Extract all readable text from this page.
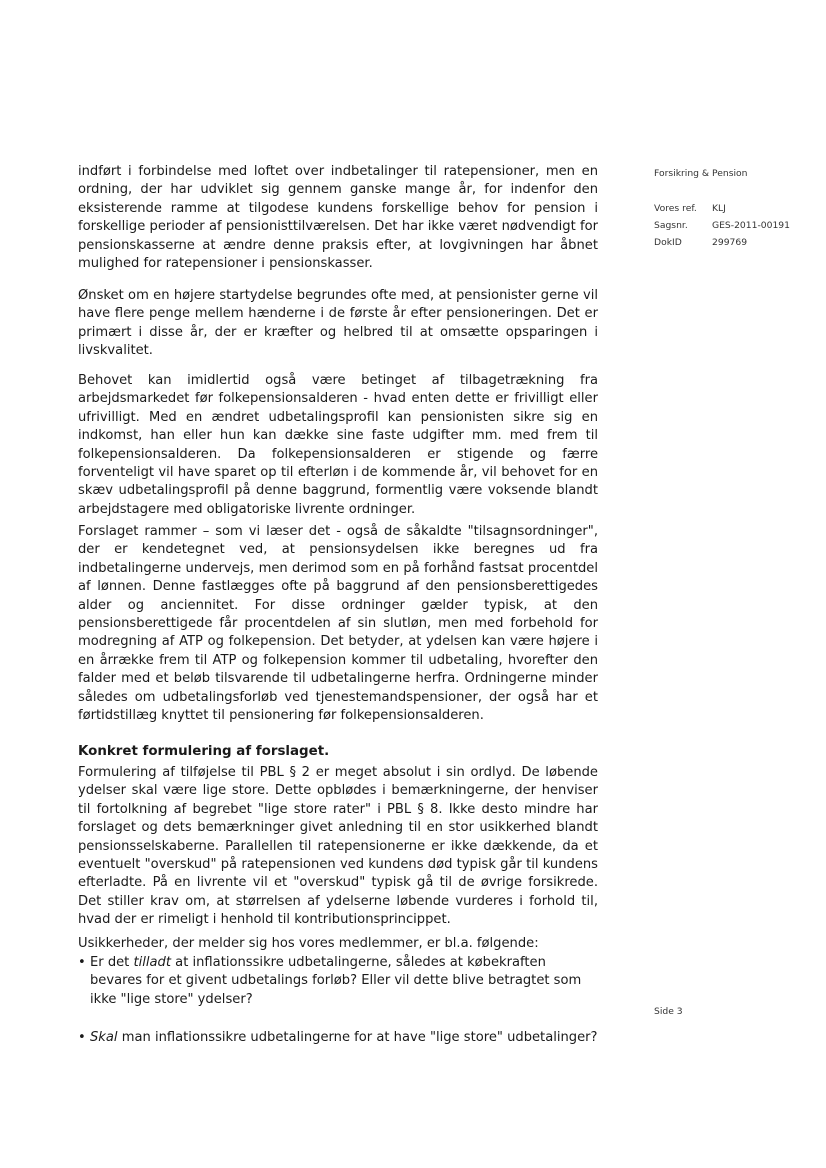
Forsikring & Pension
Vores ref. KLJ
Sagsnr.	GES-2011-00191
DokID	299769

indført i forbindelse med loftet over indbetalinger til ratepensioner, men en ordning, der har udviklet sig gennem ganske mange år, for indenfor den eksisterende ramme at tilgodese kundens forskellige behov for pension i forskellige perioder af pensionisttilværelsen. Det har ikke været nødvendigt for pensionskasserne at ændre denne praksis efter, at lovgivningen har åbnet mulighed for ratepensioner i pensionskasser.

Ønsket om en højere startydelse begrundes ofte med, at pensionister gerne vil have flere penge mellem hænderne i de første år efter pensioneringen. Det er primært i disse år, der er kræfter og helbred til at omsætte opsparingen i livskvalitet.

Behovet kan imidlertid også være betinget af tilbagetrækning fra arbejdsmarkedet før folkepensionsalderen - hvad enten dette er frivilligt eller ufrivilligt. Med en ændret udbetalingsprofil kan pensionisten sikre sig en indkomst, han eller hun kan dække sine faste udgifter mm. med frem til folkepensionsalderen. Da folkepensionsalderen er stigende og færre forventeligt vil have sparet op til efterløn i de kommende år, vil behovet for en skæv udbetalingsprofil på denne baggrund, formentlig være voksende blandt arbejdstagere med obligatoriske livrente ordninger.

Forslaget rammer – som vi læser det - også de såkaldte "tilsagnsordninger", der er kendetegnet ved, at pensionsydelsen ikke beregnes ud fra indbetalingerne undervejs, men derimod som en på forhånd fastsat procentdel af lønnen. Denne fastlægges ofte på baggrund af den pensionsberettigedes alder og anciennitet. For disse ordninger gælder typisk, at den pensionsberettigede får procentdelen af sin slutløn, men med forbehold for modregning af ATP og folkepension. Det betyder, at ydelsen kan være højere i en årrække frem til ATP og folkepension kommer til udbetaling, hvorefter den falder med et beløb tilsvarende til udbetalingerne herfra. Ordningerne minder således om udbetalingsforløb ved tjenestemandspensioner, der også har et førtidstillæg knyttet til pensionering før folkepensionsalderen.

Konkret formulering af forslaget.

Formulering af tilføjelse til PBL § 2 er meget absolut i sin ordlyd. De løbende ydelser skal være lige store. Dette opblødes i bemærkningerne, der henviser til fortolkning af begrebet "lige store rater" i PBL § 8. Ikke desto mindre har forslaget og dets bemærkninger givet anledning til en stor usikkerhed blandt pensionsselskaberne. Parallellen til ratepensionerne er ikke dækkende, da et eventuelt "overskud" på ratepensionen ved kundens død typisk går til kundens efterladte. På en livrente vil et "overskud" typisk gå til de øvrige forsikrede. Det stiller krav om, at størrelsen af ydelserne løbende vurderes i forhold til, hvad der er rimeligt i henhold til kontributionsprincippet.

Usikkerheder, der melder sig hos vores medlemmer, er bl.a. følgende:

• Er det tilladt at inflationssikre udbetalingerne, således at købekraften bevares for et givent udbetalings forløb? Eller vil dette blive betragtet som ikke "lige store" ydelser?
• Skal man inflationssikre udbetalingerne for at have "lige store" udbetalinger?
Side 3
